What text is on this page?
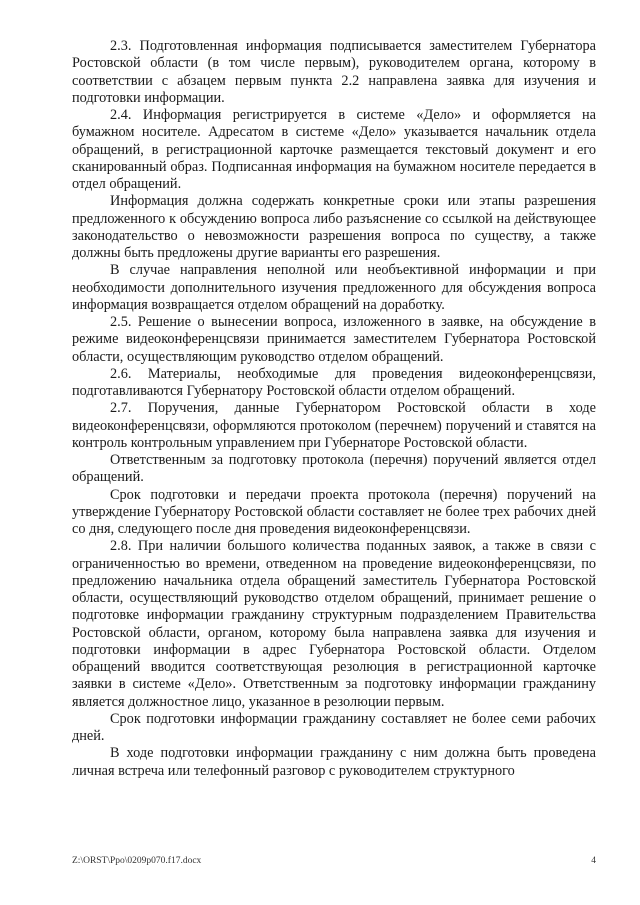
2.3. Подготовленная информация подписывается заместителем Губернатора Ростовской области (в том числе первым), руководителем органа, которому в соответствии с абзацем первым пункта 2.2 направлена заявка для изучения и подготовки информации.

2.4. Информация регистрируется в системе «Дело» и оформляется на бумажном носителе. Адресатом в системе «Дело» указывается начальник отдела обращений, в регистрационной карточке размещается текстовый документ и его сканированный образ. Подписанная информация на бумажном носителе передается в отдел обращений.

Информация должна содержать конкретные сроки или этапы разрешения предложенного к обсуждению вопроса либо разъяснение со ссылкой на действующее законодательство о невозможности разрешения вопроса по существу, а также должны быть предложены другие варианты его разрешения.

В случае направления неполной или необъективной информации и при необходимости дополнительного изучения предложенного для обсуждения вопроса информация возвращается отделом обращений на доработку.

2.5. Решение о вынесении вопроса, изложенного в заявке, на обсуждение в режиме видеоконференцсвязи принимается заместителем Губернатора Ростовской области, осуществляющим руководство отделом обращений.

2.6. Материалы, необходимые для проведения видеоконференцсвязи, подготавливаются Губернатору Ростовской области отделом обращений.

2.7. Поручения, данные Губернатором Ростовской области в ходе видеоконференцсвязи, оформляются протоколом (перечнем) поручений и ставятся на контроль контрольным управлением при Губернаторе Ростовской области.

Ответственным за подготовку протокола (перечня) поручений является отдел обращений.

Срок подготовки и передачи проекта протокола (перечня) поручений на утверждение Губернатору Ростовской области составляет не более трех рабочих дней со дня, следующего после дня проведения видеоконференцсвязи.

2.8. При наличии большого количества поданных заявок, а также в связи с ограниченностью во времени, отведенном на проведение видеоконференцсвязи, по предложению начальника отдела обращений заместитель Губернатора Ростовской области, осуществляющий руководство отделом обращений, принимает решение о подготовке информации гражданину структурным подразделением Правительства Ростовской области, органом, которому была направлена заявка для изучения и подготовки информации в адрес Губернатора Ростовской области. Отделом обращений вводится соответствующая резолюция в регистрационной карточке заявки в системе «Дело». Ответственным за подготовку информации гражданину является должностное лицо, указанное в резолюции первым.

Срок подготовки информации гражданину составляет не более семи рабочих дней.

В ходе подготовки информации гражданину с ним должна быть проведена личная встреча или телефонный разговор с руководителем структурного

Z:\ORST\Ppo\0209p070.f17.docx	4
